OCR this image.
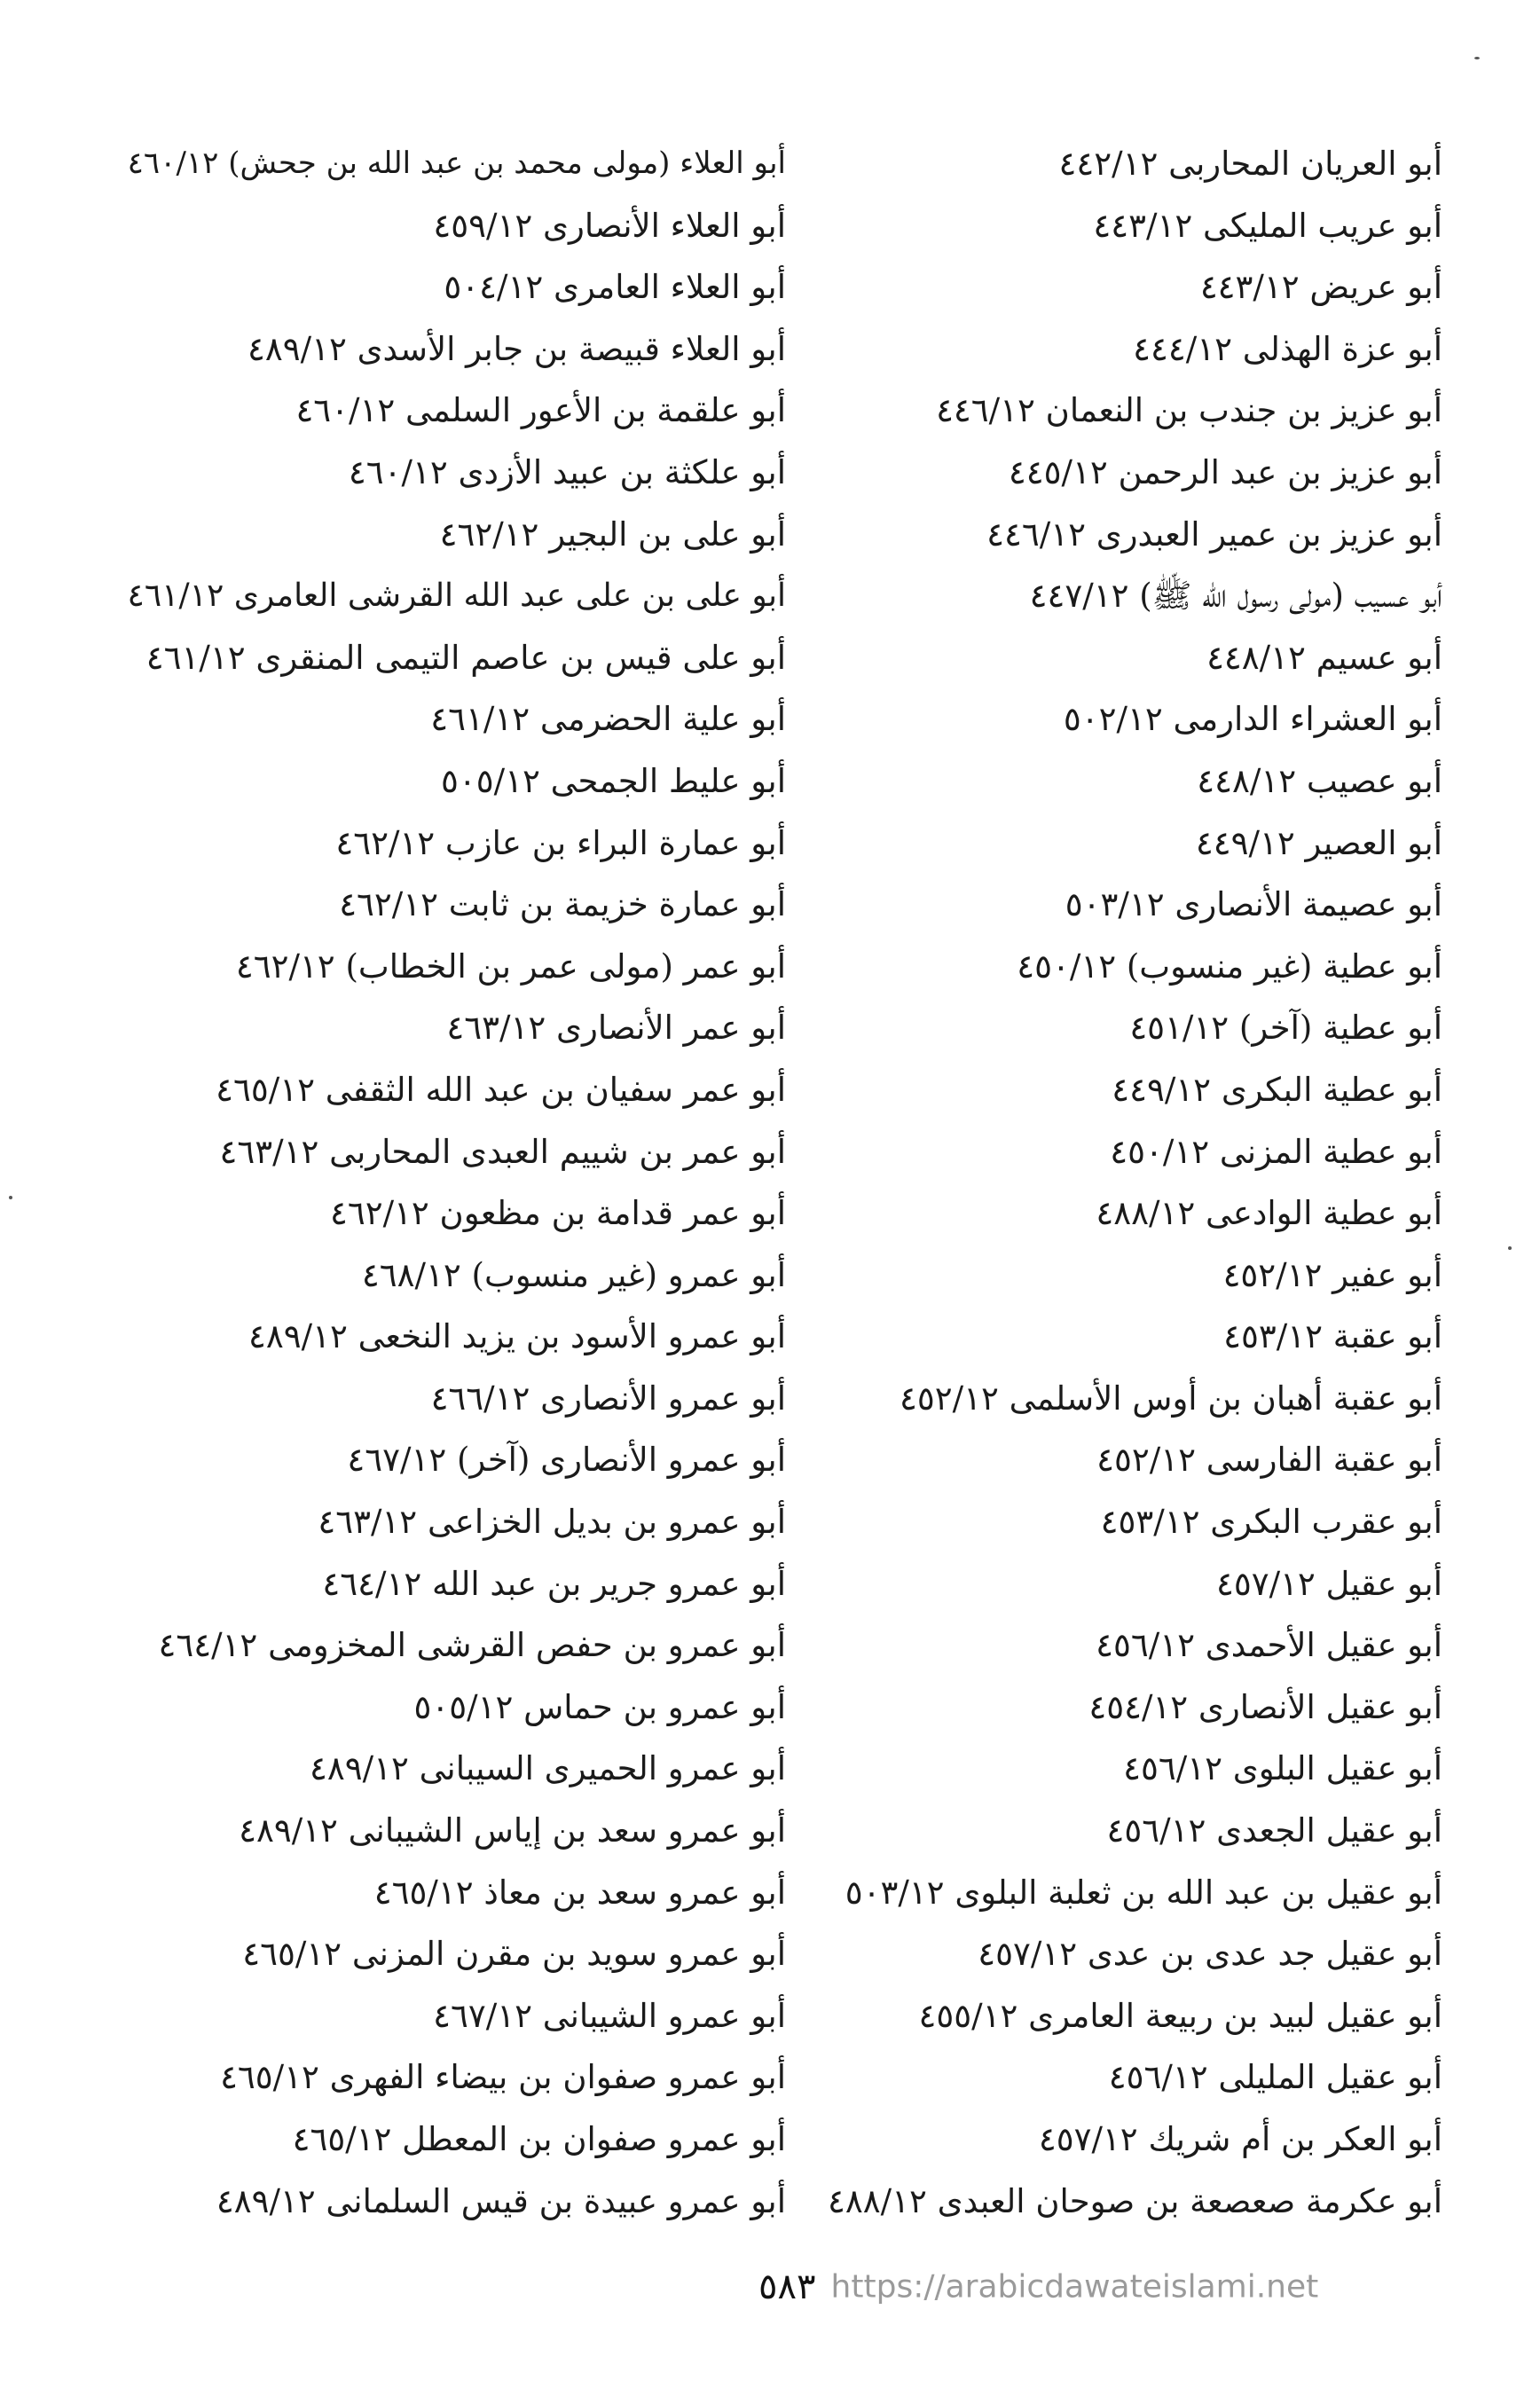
أبو العريان المحاربى ٤٤٢/١٢
أبو عريب المليكى ٤٤٣/١٢
أبو عريض ٤٤٣/١٢
أبو عزة الهذلى ٤٤٤/١٢
أبو عزيز بن جندب بن النعمان ٤٤٦/١٢
أبو عزيز بن عبد الرحمن ٤٤٥/١٢
أبو عزيز بن عمير العبدرى ٤٤٦/١٢
أبو عسيب (مولى رسول الله ﷺ) ٤٤٧/١٢
أبو عسيم ٤٤٨/١٢
أبو العشراء الدارمى ٥٠٢/١٢
أبو عصيب ٤٤٨/١٢
أبو العصير ٤٤٩/١٢
أبو عصيمة الأنصارى ٥٠٣/١٢
أبو عطية (غير منسوب) ٤٥٠/١٢
أبو عطية (آخر) ٤٥١/١٢
أبو عطية البكرى ٤٤٩/١٢
أبو عطية المزنى ٤٥٠/١٢
أبو عطية الوادعى ٤٨٨/١٢
أبو عفير ٤٥٢/١٢
أبو عقبة ٤٥٣/١٢
أبو عقبة أهبان بن أوس الأسلمى ٤٥٢/١٢
أبو عقبة الفارسى ٤٥٢/١٢
أبو عقرب البكرى ٤٥٣/١٢
أبو عقيل ٤٥٧/١٢
أبو عقيل الأحمدى ٤٥٦/١٢
أبو عقيل الأنصارى ٤٥٤/١٢
أبو عقيل البلوى ٤٥٦/١٢
أبو عقيل الجعدى ٤٥٦/١٢
أبو عقيل بن عبد الله بن ثعلبة البلوى ٥٠٣/١٢
أبو عقيل جد عدى بن عدى ٤٥٧/١٢
أبو عقيل لبيد بن ربيعة العامرى ٤٥٥/١٢
أبو عقيل المليلى ٤٥٦/١٢
أبو العكر بن أم شريك ٤٥٧/١٢
أبو عكرمة صعصعة بن صوحان العبدى ٤٨٨/١٢
أبو العلاء (مولى محمد بن عبد الله بن جحش) ٤٦٠/١٢
أبو العلاء الأنصارى ٤٥٩/١٢
أبو العلاء العامرى ٥٠٤/١٢
أبو العلاء قبيصة بن جابر الأسدى ٤٨٩/١٢
أبو علقمة بن الأعور السلمى ٤٦٠/١٢
أبو علكثة بن عبيد الأزدى ٤٦٠/١٢
أبو على بن البجير ٤٦٢/١٢
أبو على بن على عبد الله القرشى العامرى ٤٦١/١٢
أبو على قيس بن عاصم التيمى المنقرى ٤٦١/١٢
أبو علية الحضرمى ٤٦١/١٢
أبو عليط الجمحى ٥٠٥/١٢
أبو عمارة البراء بن عازب ٤٦٢/١٢
أبو عمارة خزيمة بن ثابت ٤٦٢/١٢
أبو عمر (مولى عمر بن الخطاب) ٤٦٢/١٢
أبو عمر الأنصارى ٤٦٣/١٢
أبو عمر سفيان بن عبد الله الثقفى ٤٦٥/١٢
أبو عمر بن شييم العبدى المحاربى ٤٦٣/١٢
أبو عمر قدامة بن مظعون ٤٦٢/١٢
أبو عمرو (غير منسوب) ٤٦٨/١٢
أبو عمرو الأسود بن يزيد النخعى ٤٨٩/١٢
أبو عمرو الأنصارى ٤٦٦/١٢
أبو عمرو الأنصارى (آخر) ٤٦٧/١٢
أبو عمرو بن بديل الخزاعى ٤٦٣/١٢
أبو عمرو جرير بن عبد الله ٤٦٤/١٢
أبو عمرو بن حفص القرشى المخزومى ٤٦٤/١٢
أبو عمرو بن حماس ٥٠٥/١٢
أبو عمرو الحميرى السيبانى ٤٨٩/١٢
أبو عمرو سعد بن إياس الشيبانى ٤٨٩/١٢
أبو عمرو سعد بن معاذ ٤٦٥/١٢
أبو عمرو سويد بن مقرن المزنى ٤٦٥/١٢
أبو عمرو الشيبانى ٤٦٧/١٢
أبو عمرو صفوان بن بيضاء الفهرى ٤٦٥/١٢
أبو عمرو صفوان بن المعطل ٤٦٥/١٢
أبو عمرو عبيدة بن قيس السلمانى ٤٨٩/١٢
٥٨٣ https://arabicdawateislami.net
